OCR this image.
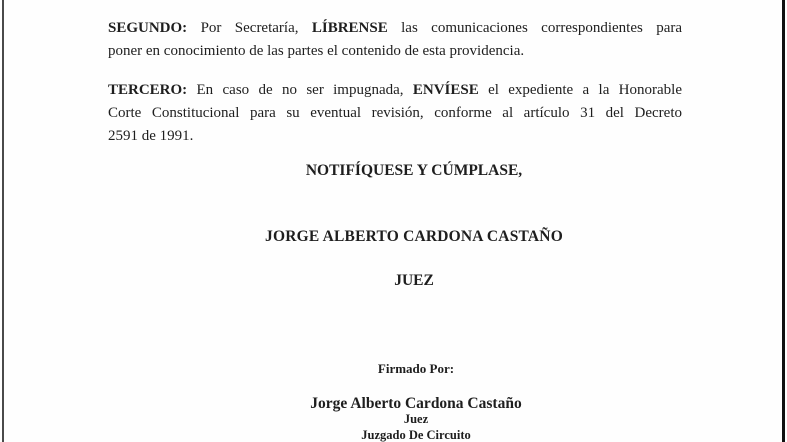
SEGUNDO: Por Secretaría, LÍBRENSE las comunicaciones correspondientes para
poner en conocimiento de las partes el contenido de esta providencia.
TERCERO: En caso de no ser impugnada, ENVÍESE el expediente a la Honorable
Corte Constitucional para su eventual revisión, conforme al artículo 31 del Decreto
2591 de 1991.
NOTIFÍQUESE Y CÚMPLASE,
JORGE ALBERTO CARDONA CASTAÑO
JUEZ
Firmado Por:
Jorge Alberto Cardona Castaño
Juez
Juzgado De Circuito
